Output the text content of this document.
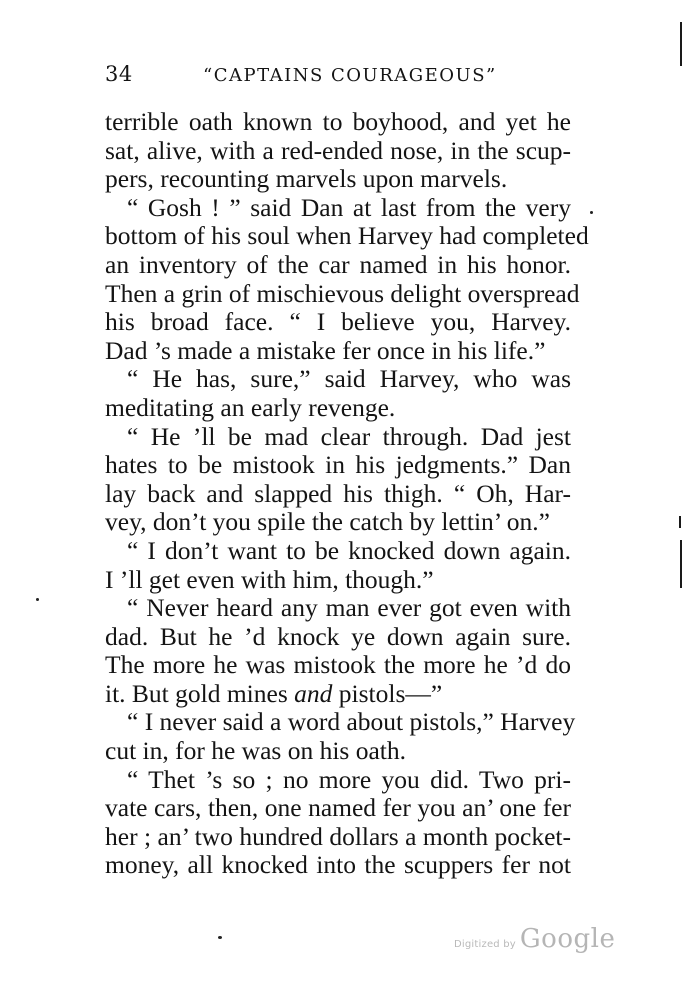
34	“CAPTAINS COURAGEOUS”
terrible oath known to boyhood, and yet he
sat, alive, with a red-ended nose, in the scup-
pers, recounting marvels upon marvels.
“ Gosh ! ” said Dan at last from the very
bottom of his soul when Harvey had completed
an inventory of the car named in his honor.
Then a grin of mischievous delight overspread
his broad face. “ I believe you, Harvey.
Dad ’s made a mistake fer once in his life.”
“ He has, sure,” said Harvey, who was
meditating an early revenge.
“ He ’ll be mad clear through. Dad jest
hates to be mistook in his jedgments.” Dan
lay back and slapped his thigh. “ Oh, Har-
vey, don’t you spile the catch by lettin’ on.”
“ I don’t want to be knocked down again.
I ’ll get even with him, though.”
“ Never heard any man ever got even with
dad. But he ’d knock ye down again sure.
The more he was mistook the more he ’d do
it. But gold mines and pistols—”
“ I never said a word about pistols,” Harvey
cut in, for he was on his oath.
“ Thet ’s so ; no more you did. Two pri-
vate cars, then, one named fer you an’ one fer
her ; an’ two hundred dollars a month pocket-
money, all knocked into the scuppers fer not
Digitized by Google
